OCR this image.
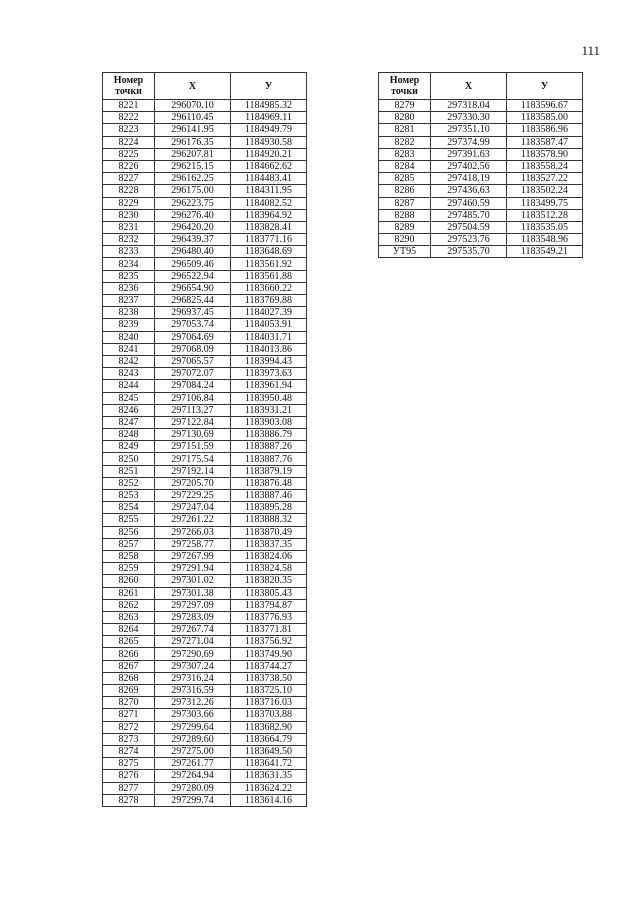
111
Номер
точки	X	У
8221	296070.10	1184985.32
8222	296110.45	1184969.11
8223	296141.95	1184949.79
8224	296176.35	1184930.58
8225	296207.81	1184920.21
8226	296215.15	1184662.62
8227	296162.25	1184483.41
8228	296175.00	1184311.95
8229	296223.75	1184082.52
8230	296276.40	1183964.92
8231	296420.20	1183828.41
8232	296439.37	1183771.16
8233	296480.40	1183648.69
8234	296509.46	1183561.92
8235	296522.94	1183561.88
8236	296654.90	1183660.22
8237	296825.44	1183769.88
8238	296937.45	1184027.39
8239	297053.74	1184053.91
8240	297064.69	1184031.71
8241	297068.09	1184013.86
8242	297065.57	1183994.43
8243	297072.07	1183973.63
8244	297084.24	1183961.94
8245	297106.84	1183950.48
8246	297113.27	1183931.21
8247	297122.84	1183903.08
8248	297130.69	1183886.79
8249	297151.59	1183887.26
8250	297175.54	1183887.76
8251	297192.14	1183879.19
8252	297205.70	1183876.48
8253	297229.25	1183887.46
8254	297247.04	1183895.28
8255	297261.22	1183888.32
8256	297266.03	1183870.49
8257	297258.77	1183837.35
8258	297267.99	1183824.06
8259	297291.94	1183824.58
8260	297301.02	1183820.35
8261	297301.38	1183805.43
8262	297297.09	1183794.87
8263	297283.09	1183776.93
8264	297267.74	1183771.81
8265	297271.04	1183756.92
8266	297290.69	1183749.90
8267	297307.24	1183744.27
8268	297316.24	1183738.50
8269	297316.59	1183725.10
8270	297312.26	1183716.03
8271	297303.66	1183703.88
8272	297299.64	1183682.90
8273	297289.60	1183664.79
8274	297275.00	1183649.50
8275	297261.77	1183641.72
8276	297264.94	1183631.35
8277	297280.09	1183624.22
8278	297299.74	1183614.16
Номер
точки	X	У
8279	297318.04	1183596.67
8280	297330.30	1183585.00
8281	297351.10	1183586.96
8282	297374.99	1183587.47
8283	297391.63	1183578.90
8284	297402.56	1183558.24
8285	297418.19	1183527.22
8286	297436.63	1183502.24
8287	297460.59	1183499.75
8288	297485.70	1183512.28
8289	297504.59	1183535.05
8290	297523.76	1183548.96
УТ95	297535.70	1183549.21
